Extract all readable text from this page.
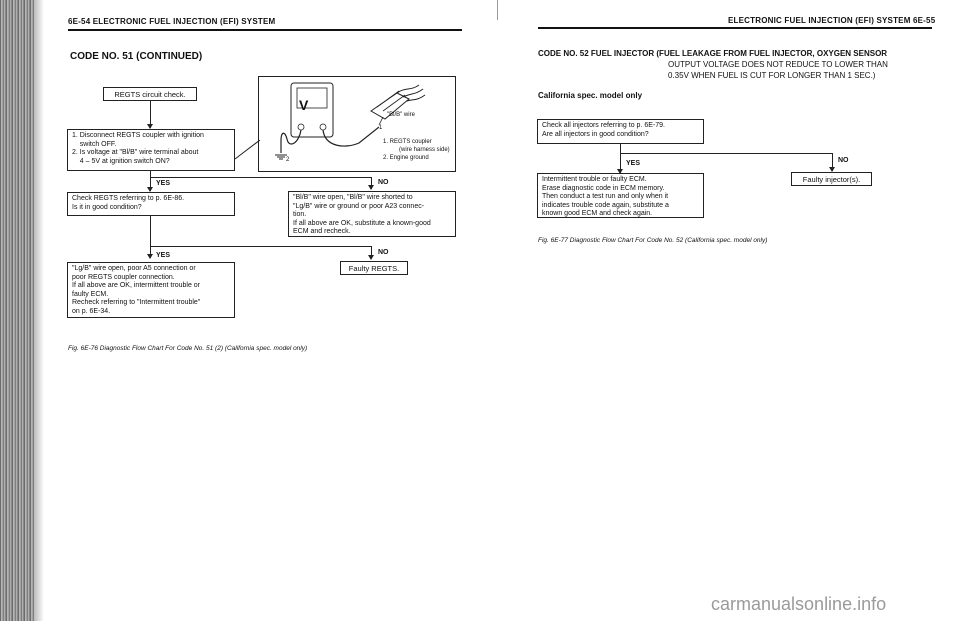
6E-54 ELECTRONIC FUEL INJECTION (EFI) SYSTEM
CODE NO. 51 (CONTINUED)
REGTS circuit check.
1. Disconnect REGTS coupler with ignition
switch OFF.
2. Is voltage at "Bl/B" wire terminal about
4 – 5V at ignition switch ON?
V
"Bl/B" wire
1
2
1. REGTS coupler
(wire harness side)
2. Engine ground
YES	NO
Check REGTS referring to p. 6E-86.
Is it in good condition?
"Bl/B" wire open, "Bl/B" wire shorted to
"Lg/B" wire or ground or poor A23 connec-
tion.
If all above are OK, substitute a known-good
ECM and recheck.
YES	NO
"Lg/B" wire open, poor A5 connection or
poor REGTS coupler connection.
If all above are OK, intermittent trouble or
faulty ECM.
Recheck referring to "Intermittent trouble"
on p. 6E-34.
Faulty REGTS.
Fig. 6E-76 Diagnostic Flow Chart For Code No. 51 (2) (California spec. model only)
ELECTRONIC FUEL INJECTION (EFI) SYSTEM 6E-55
CODE NO. 52 FUEL INJECTOR (FUEL LEAKAGE FROM FUEL INJECTOR, OXYGEN SENSOR
OUTPUT VOLTAGE DOES NOT REDUCE TO LOWER THAN
0.35V WHEN FUEL IS CUT FOR LONGER THAN 1 SEC.)
California spec. model only
Check all injectors referring to p. 6E-79.
Are all injectors in good condition?
YES	NO
Intermittent trouble or faulty ECM.
Erase diagnostic code in ECM memory.
Then conduct a test run and only when it
indicates trouble code again, substitute a
known good ECM and check again.
Faulty injector(s).
Fig. 6E-77 Diagnostic Flow Chart For Code No. 52 (California spec. model only)
carmanualsonline.info
